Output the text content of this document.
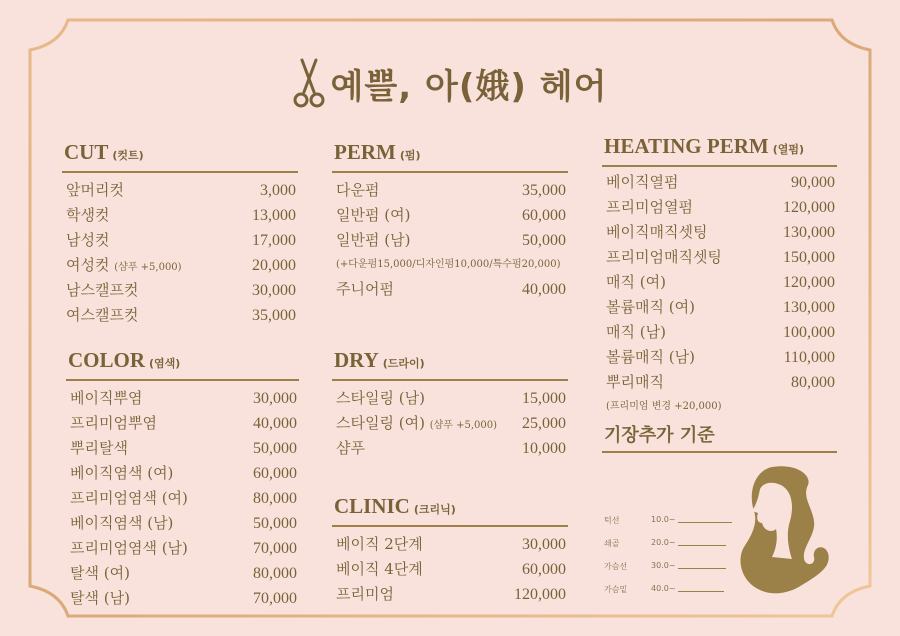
예쁠, 아(娥) 헤어
CUT (컷트)
앞머리컷	3,000
학생컷	13,000
남성컷	17,000
여성컷 (샴푸 +5,000)	20,000
남스캘프컷	30,000
여스캘프컷	35,000
COLOR (염색)
베이직뿌염	30,000
프리미엄뿌염	40,000
뿌리탈색	50,000
베이직염색 (여)	60,000
프리미엄염색 (여)	80,000
베이직염색 (남)	50,000
프리미엄염색 (남)	70,000
탈색 (여)	80,000
탈색 (남)	70,000
PERM (펌)
다운펌	35,000
일반펌 (여)	60,000
일반펌 (남)	50,000
(+다운펌15,000/디자인펌10,000/특수펌20,000)
주니어펌	40,000
DRY (드라이)
스타일링 (남)	15,000
스타일링 (여) (샴푸 +5,000) 25,000
샴푸	10,000
CLINIC (크리닉)
베이직 2단계	30,000
베이직 4단계	60,000
프리미엄	120,000
HEATING PERM (열펌)
베이직열펌	90,000
프리미엄열펌	120,000
베이직매직셋팅	130,000
프리미엄매직셋팅	150,000
매직 (여)	120,000
볼륨매직 (여)	130,000
매직 (남)	100,000
볼륨매직 (남)	110,000
뿌리매직	80,000
(프리미엄 변경 +20,000)
기장추가 기준
턱선	10.0~
쇄골	20.0~
가슴선	30.0~
가슴밑	40.0~
